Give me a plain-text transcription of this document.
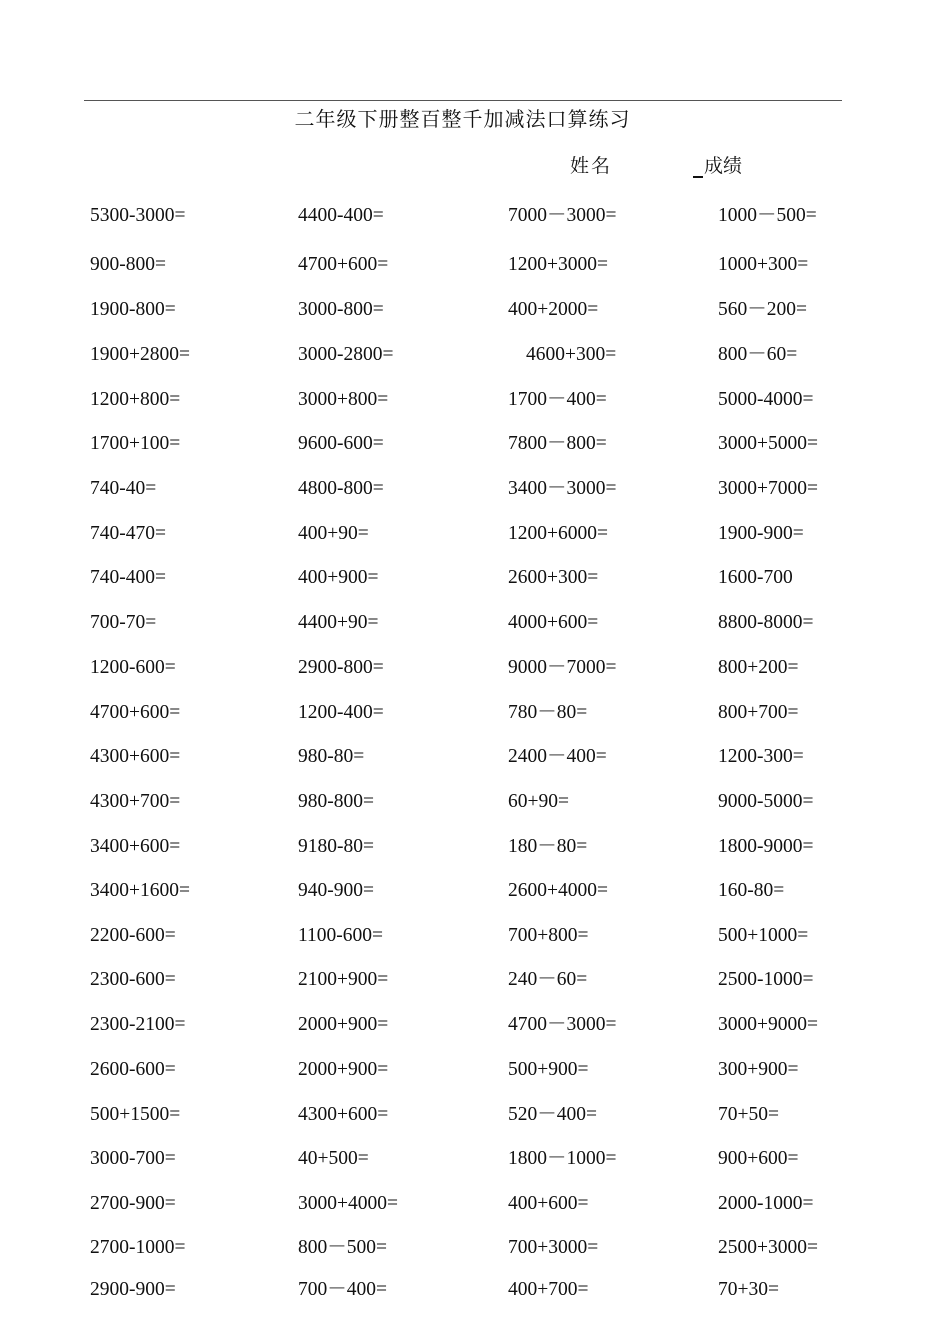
二年级下册整百整千加减法口算练习
姓名	成绩
5300-3000=	4400-400=	7000－3000=	1000－500=
900-800=	4700+600=	1200+3000=	1000+300=
1900-800=	3000-800=	400+2000=	560－200=
1900+2800=	3000-2800=	4600+300=	800－60=
1200+800=	3000+800=	1700－400=	5000-4000=
1700+100=	9600-600=	7800－800=	3000+5000=
740-40=	4800-800=	3400－3000=	3000+7000=
740-470=	400+90=	1200+6000=	1900-900=
740-400=	400+900=	2600+300=	1600-700
700-70=	4400+90=	4000+600=	8800-8000=
1200-600=	2900-800=	9000－7000=	800+200=
4700+600=	1200-400=	780－80=	800+700=
4300+600=	980-80=	2400－400=	1200-300=
4300+700=	980-800=	60+90=	9000-5000=
3400+600=	9180-80=	180－80=	1800-9000=
3400+1600=	940-900=	2600+4000=	160-80=
2200-600=	1100-600=	700+800=	500+1000=
2300-600=	2100+900=	240－60=	2500-1000=
2300-2100=	2000+900=	4700－3000=	3000+9000=
2600-600=	2000+900=	500+900=	300+900=
500+1500=	4300+600=	520－400=	70+50=
3000-700=	40+500=	1800－1000=	900+600=
2700-900=	3000+4000=	400+600=	2000-1000=
2700-1000=	800－500=	700+3000=	2500+3000=
2900-900=	700－400=	400+700=	70+30=
